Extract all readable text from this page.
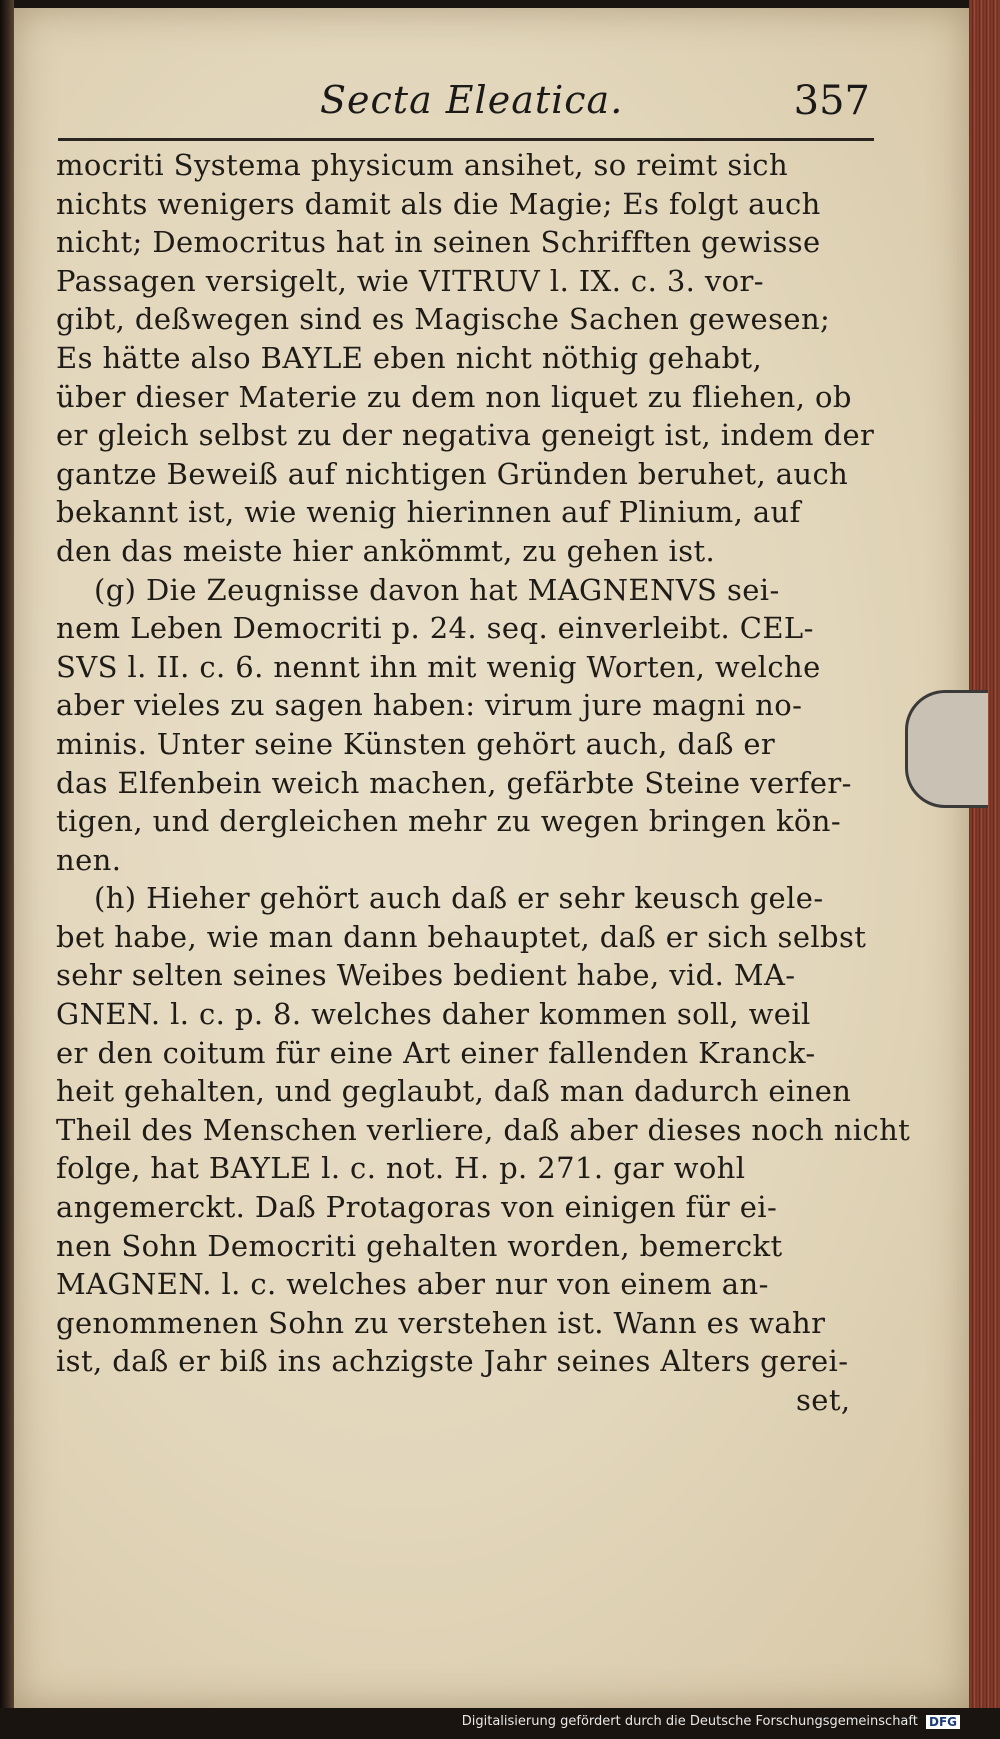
Secta Eleatica.	357
mocriti Systema physicum ansihet, so reimt sich
nichts wenigers damit als die Magie; Es folgt auch
nicht; Democritus hat in seinen Schrifften gewisse
Passagen versigelt, wie VITRUV l. IX. c. 3. vor-
gibt, deßwegen sind es Magische Sachen gewesen;
Es hätte also BAYLE eben nicht nöthig gehabt,
über dieser Materie zu dem non liquet zu fliehen, ob
er gleich selbst zu der negativa geneigt ist, indem der
gantze Beweiß auf nichtigen Gründen beruhet, auch
bekannt ist, wie wenig hierinnen auf Plinium, auf
den das meiste hier ankömmt, zu gehen ist.
(g) Die Zeugnisse davon hat MAGNENVS sei-
nem Leben Democriti p. 24. seq. einverleibt. CEL-
SVS l. II. c. 6. nennt ihn mit wenig Worten, welche
aber vieles zu sagen haben: virum jure magni no-
minis. Unter seine Künsten gehört auch, daß er
das Elfenbein weich machen, gefärbte Steine verfer-
tigen, und dergleichen mehr zu wegen bringen kön-
nen.
(h) Hieher gehört auch daß er sehr keusch gele-
bet habe, wie man dann behauptet, daß er sich selbst
sehr selten seines Weibes bedient habe, vid. MA-
GNEN. l. c. p. 8. welches daher kommen soll, weil
er den coitum für eine Art einer fallenden Kranck-
heit gehalten, und geglaubt, daß man dadurch einen
Theil des Menschen verliere, daß aber dieses noch nicht
folge, hat BAYLE l. c. not. H. p. 271. gar wohl
angemerckt. Daß Protagoras von einigen für ei-
nen Sohn Democriti gehalten worden, bemerckt
MAGNEN. l. c. welches aber nur von einem an-
genommenen Sohn zu verstehen ist. Wann es wahr
ist, daß er biß ins achzigste Jahr seines Alters gerei-
set,
Digitalisierung gefördert durch die Deutsche Forschungsgemeinschaft DFG
